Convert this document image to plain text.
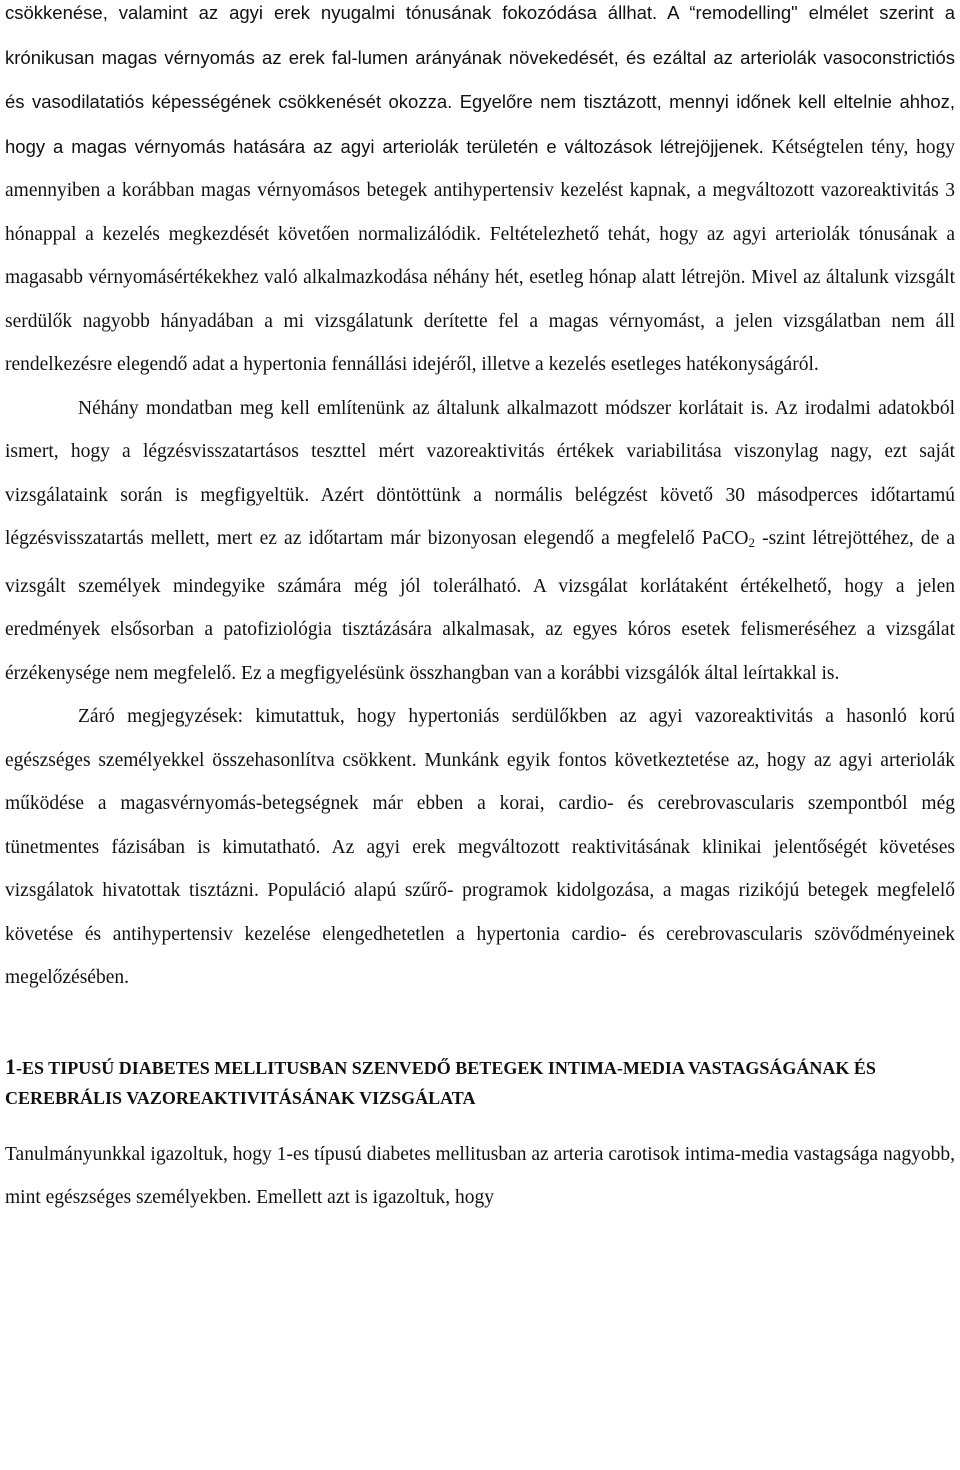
csökkenése, valamint az agyi erek nyugalmi tónusának fokozódása állhat. A “remodelling" elmélet szerint a krónikusan magas vérnyomás az erek fal-lumen arányának növekedését, és ezáltal az arteriolák vasoconstrictiós és vasodilatatiós képességének csökkenését okozza. Egyelőre nem tisztázott, mennyi időnek kell eltelnie ahhoz, hogy a magas vérnyomás hatására az agyi arteriolák területén e változások létrejöjjenek. Kétségtelen tény, hogy amennyiben a korábban magas vérnyomásos betegek antihypertensiv kezelést kapnak, a megváltozott vazoreaktivitás 3 hónappal a kezelés megkezdését követően normalizálódik. Feltételezhető tehát, hogy az agyi arteriolák tónusának a magasabb vérnyomásértékekhez való alkalmazkodása néhány hét, esetleg hónap alatt létrejön. Mivel az általunk vizsgált serdülők nagyobb hányadában a mi vizsgálatunk derítette fel a magas vérnyomást, a jelen vizsgálatban nem áll rendelkezésre elegendő adat a hypertonia fennállási idejéről, illetve a kezelés esetleges hatékonyságáról.

Néhány mondatban meg kell említenünk az általunk alkalmazott módszer korlátait is. Az irodalmi adatokból ismert, hogy a légzésvisszatartásos teszttel mért vazoreaktivitás értékek variabilitása viszonylag nagy, ezt saját vizsgálataink során is megfigyeltük. Azért döntöttünk a normális belégzést követő 30 másodperces időtartamú légzésvisszatartás mellett, mert ez az időtartam már bizonyosan elegendő a megfelelő PaCO$_2$ -szint létrejöttéhez, de a vizsgált személyek mindegyike számára még jól tolerálható. A vizsgálat korlátaként értékelhető, hogy a jelen eredmények elsősorban a patofiziológia tisztázására alkalmasak, az egyes kóros esetek felismeréséhez a vizsgálat érzékenysége nem megfelelő. Ez a megfigyelésünk összhangban van a korábbi vizsgálók által leírtakkal is.

Záró megjegyzések: kimutattuk, hogy hypertoniás serdülőkben az agyi vazoreaktivitás a hasonló korú egészséges személyekkel összehasonlítva csökkent. Munkánk egyik fontos következtetése az, hogy az agyi arteriolák működése a magasvérnyomás-betegségnek már ebben a korai, cardio- és cerebrovascularis szempontból még tünetmentes fázisában is kimutatható. Az agyi erek megváltozott reaktivitásának klinikai jelentőségét követéses vizsgálatok hivatottak tisztázni. Populáció alapú szűrő- programok kidolgozása, a magas rizikójú betegek megfelelő követése és antihypertensiv kezelése elengedhetetlen a hypertonia cardio- és cerebrovascularis szövődményeinek megelőzésében.

1-ES TIPUSÚ DIABETES MELLITUSBAN SZENVEDŐ BETEGEK INTIMA-MEDIA VASTAGSÁGÁNAK ÉS CEREBRÁLIS VAZOREAKTIVITÁSÁNAK VIZSGÁLATA

Tanulmányunkkal igazoltuk, hogy 1-es típusú diabetes mellitusban az arteria carotisok intima-media vastagsága nagyobb, mint egészséges személyekben. Emellett azt is igazoltuk, hogy
